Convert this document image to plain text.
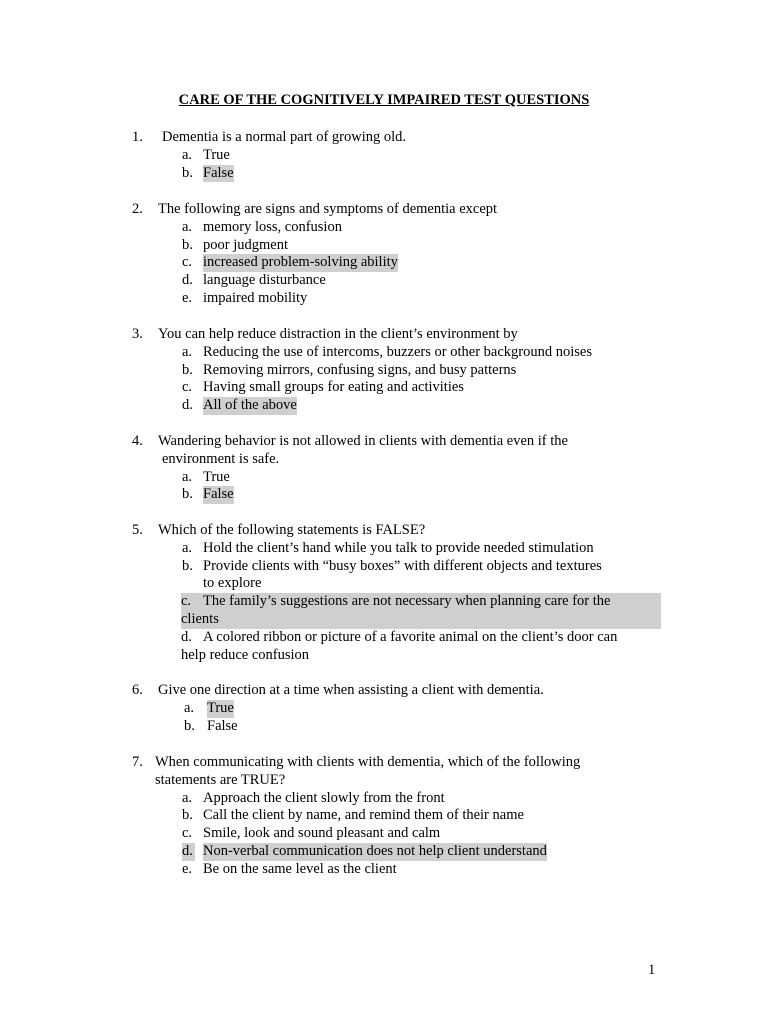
CARE OF THE COGNITIVELY IMPAIRED TEST QUESTIONS
1.	Dementia is a normal part of growing old.
a. True
b. False
2.	The following are signs and symptoms of dementia except
a. memory loss, confusion
b. poor judgment
c. increased problem-solving ability
d. language disturbance
e. impaired mobility
3.	You can help reduce distraction in the client’s environment by
a. Reducing the use of intercoms, buzzers or other background noises
b. Removing mirrors, confusing signs, and busy patterns
c. Having small groups for eating and activities
d. All of the above
4.	Wandering behavior is not allowed in clients with dementia even if the
environment is safe.
a. True
b. False
5.	Which of the following statements is FALSE?
a. Hold the client’s hand while you talk to provide needed stimulation
b. Provide clients with “busy boxes” with different objects and textures
to explore
c. The family’s suggestions are not necessary when planning care for the
clients
d. A colored ribbon or picture of a favorite animal on the client’s door can
help reduce confusion
6.	Give one direction at a time when assisting a client with dementia.
a. True
b. False
7. When communicating with clients with dementia, which of the following
statements are TRUE?
a. Approach the client slowly from the front
b. Call the client by name, and remind them of their name
c. Smile, look and sound pleasant and calm
d. Non-verbal communication does not help client understand
e. Be on the same level as the client
1
